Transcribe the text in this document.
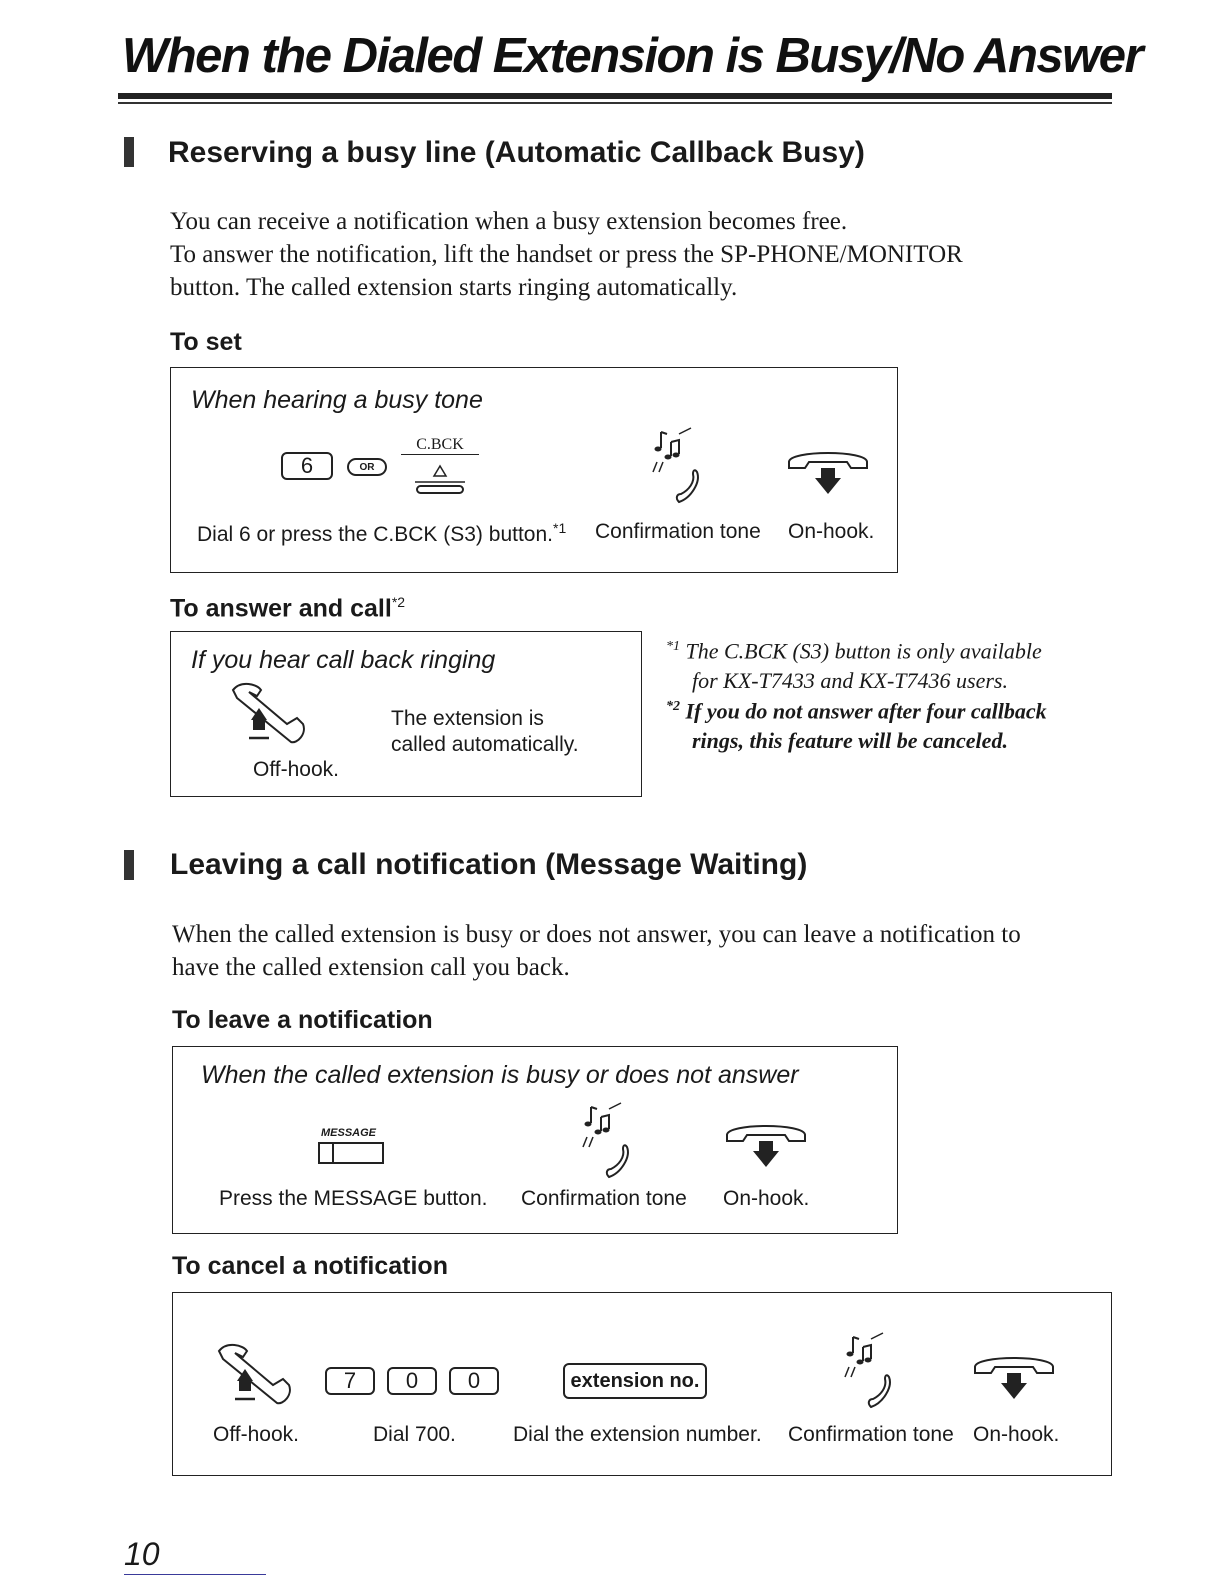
When the Dialed Extension is Busy/No Answer
Reserving a busy line (Automatic Callback Busy)
You can receive a notification when a busy extension becomes free.
To answer the notification, lift the handset or press the SP-PHONE/MONITOR
button. The called extension starts ringing automatically.
To set
When hearing a busy tone
6	OR
C.BCK
Dial 6 or press the C.BCK (S3) button.$^{*1}$ Confirmation tone On-hook.
To answer and call$^{*2}$
If you hear call back ringing
Off-hook.
The extension is
called automatically.
$^{*1}$ The C.BCK (S3) button is only available
for KX-T7433 and KX-T7436 users.
$^{*2}$ If you do not answer after four callback
rings, this feature will be canceled.
Leaving a call notification (Message Waiting)
When the called extension is busy or does not answer, you can leave a notification to
have the called extension call you back.
To leave a notification
When the called extension is busy or does not answer
MESSAGE
Press the MESSAGE button. Confirmation tone On-hook.
To cancel a notification
7 0 0	extension no.
Off-hook.	Dial 700.	Dial the extension number. Confirmation tone On-hook.
10
